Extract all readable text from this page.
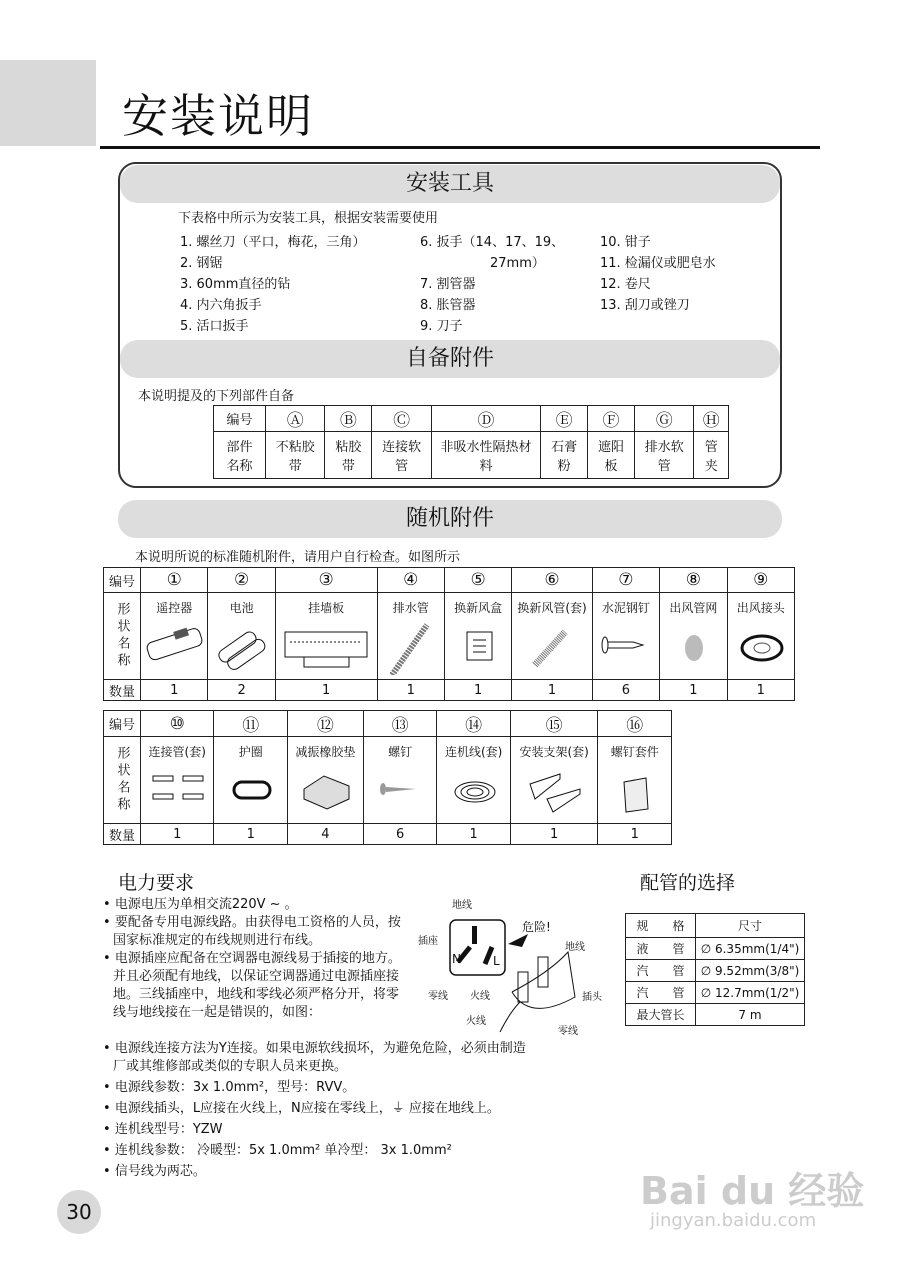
安装说明
安装工具
下表格中所示为安装工具，根据安装需要使用
1. 螺丝刀（平口，梅花，三角）
2. 钢锯
3. 60mm直径的钻
4. 内六角扳手
5. 活口扳手
6. 扳手（14、17、19、
27mm）
7. 割管器
8. 胀管器
9. 刀子
10. 钳子
11. 检漏仪或肥皂水
12. 卷尺
13. 刮刀或锉刀
自备附件
本说明提及的下列部件自备
编号	Ⓐ	Ⓑ	Ⓒ	Ⓓ	Ⓔ	Ⓕ	Ⓖ	Ⓗ
部件名称	不粘胶带	粘胶带	连接软管	非吸水性隔热材料	石膏粉	遮阳板	排水软管	管夹
随机附件
本说明所说的标准随机附件，请用户自行检查。如图所示
编号	①	②	③	④	⑤	⑥	⑦	⑧	⑨
形状名称	遥控器	电池	挂墙板	排水管	换新风盒	换新风管(套)	水泥钢钉	出风管网	出风接头

数量	1	2	1	1	1	1	6	1	1
编号	⑩	⑪	⑫	⑬	⑭	⑮	⑯
形状名称	连接管(套)	护圈	减振橡胶垫	螺钉	连机线(套)	安装支架(套)	螺钉套件

数量	1	1	4	6	1	1	1
电力要求
• 电源电压为单相交流220V ~ 。
• 要配备专用电源线路。由获得电工资格的人员，按国家标准规定的布线规则进行布线。
• 电源插座应配备在空调器电源线易于插接的地方。并且必须配有地线，以保证空调器通过电源插座接地。三线插座中，地线和零线必须严格分开，将零线与地线接在一起是错误的，如图：
• 电源线连接方法为Y连接。如果电源软线损坏，为避免危险，必须由制造厂或其维修部或类似的专职人员来更换。
• 电源线参数：3x 1.0mm²，型号：RVV。
• 电源线插头，L应接在火线上，N应接在零线上，⏚ 应接在地线上。
• 连机线型号：YZW
• 连机线参数： 冷暖型：5x 1.0mm² 单冷型： 3x 1.0mm²
• 信号线为两芯。
地线
危险!
插座
N	L
零线 火线
地线
插头
火线
零线
配管的选择
规　　格	尺寸
液　　管	∅ 6.35mm(1/4")
汽　　管	∅ 9.52mm(3/8")
汽　　管	∅ 12.7mm(1/2")
最大管长	7 m
30	Bai du 经验
jingyan.baidu.com
